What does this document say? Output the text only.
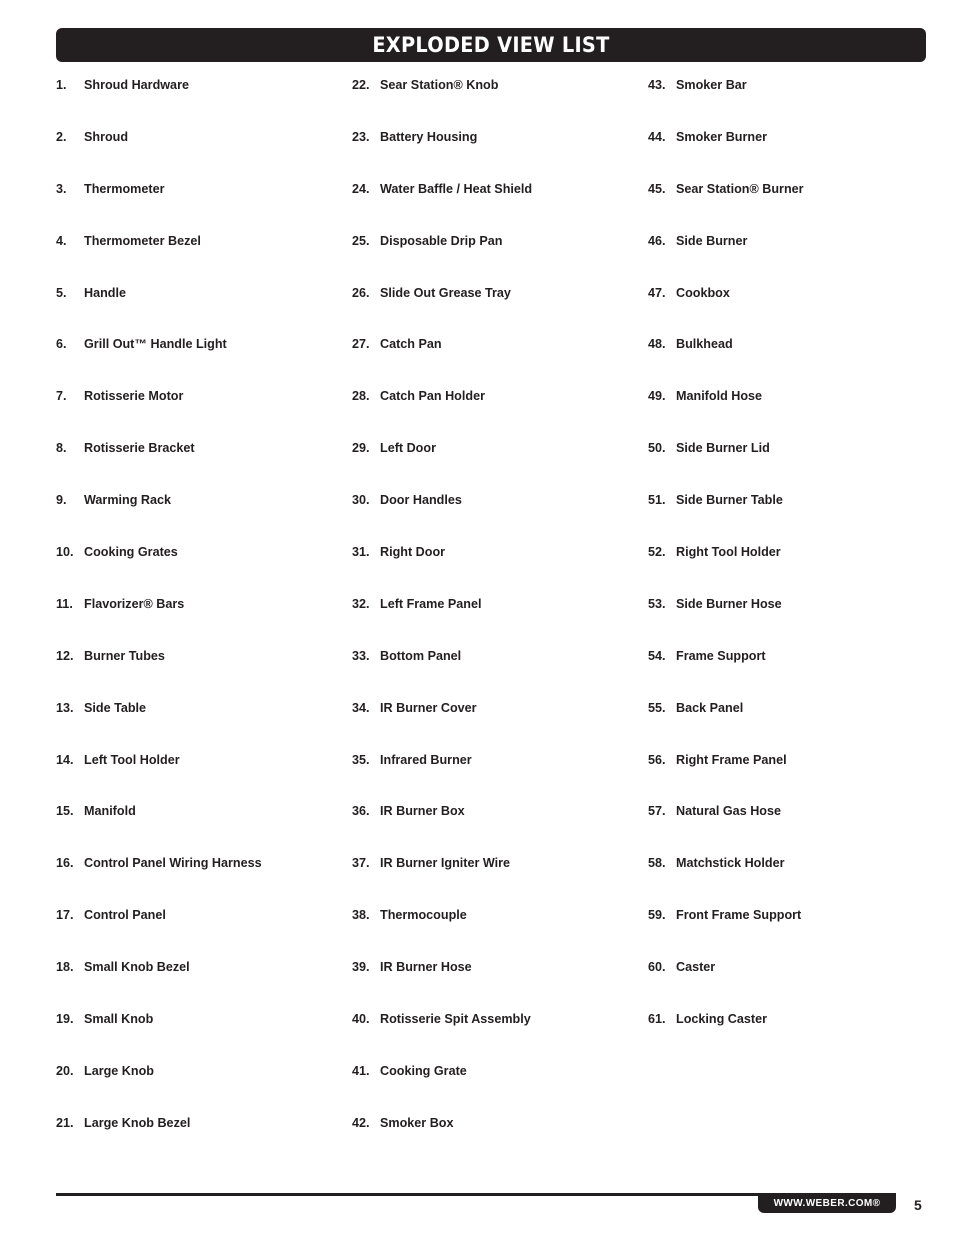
EXPLODED VIEW LIST
1.	Shroud Hardware
2.	Shroud
3.	Thermometer
4.	Thermometer Bezel
5.	Handle
6.	Grill Out™ Handle Light
7.	Rotisserie Motor
8.	Rotisserie Bracket
9.	Warming Rack
10. Cooking Grates
11. Flavorizer® Bars
12. Burner Tubes
13. Side Table
14. Left Tool Holder
15. Manifold
16. Control Panel Wiring Harness
17. Control Panel
18. Small Knob Bezel
19. Small Knob
20. Large Knob
21. Large Knob Bezel
22. Sear Station® Knob
23. Battery Housing
24. Water Baffle / Heat Shield
25. Disposable Drip Pan
26. Slide Out Grease Tray
27. Catch Pan
28. Catch Pan Holder
29. Left Door
30. Door Handles
31. Right Door
32. Left Frame Panel
33. Bottom Panel
34. IR Burner Cover
35. Infrared Burner
36. IR Burner Box
37. IR Burner Igniter Wire
38. Thermocouple
39. IR Burner Hose
40. Rotisserie Spit Assembly
41. Cooking Grate
42. Smoker Box
43. Smoker Bar
44. Smoker Burner
45. Sear Station® Burner
46. Side Burner
47. Cookbox
48. Bulkhead
49. Manifold Hose
50. Side Burner Lid
51. Side Burner Table
52. Right Tool Holder
53. Side Burner Hose
54. Frame Support
55. Back Panel
56. Right Frame Panel
57. Natural Gas Hose
58. Matchstick Holder
59. Front Frame Support
60. Caster
61. Locking Caster
WWW.WEBER.COM® 5
